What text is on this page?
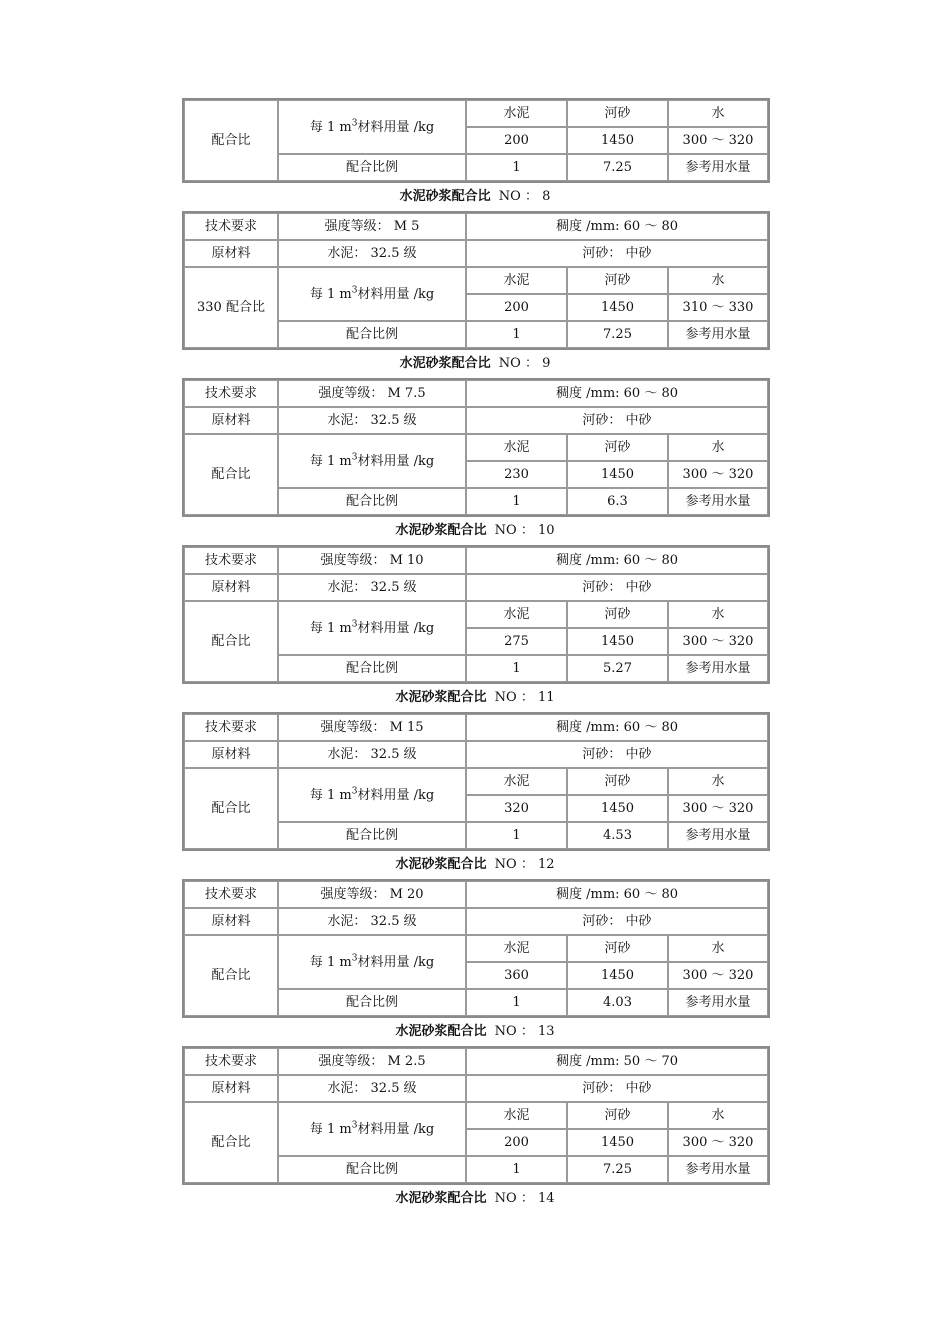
配合比	每 1 $m^3$材料用量 /kg	水泥	河砂	水
		200	1450	300 ～ 320
	配合比例	1	7.25	参考用水量
水泥砂浆配合比 NO ： 8
技术要求	强度等级： M 5	稠度 /mm: 60 ～ 80		
原材料	水泥： 32.5 级	河砂： 中砂		
330 配合比	每 1 $m^3$材料用量 /kg	水泥	河砂	水
		200	1450	310 ～ 330
	配合比例	1	7.25	参考用水量
水泥砂浆配合比 NO ： 9
技术要求	强度等级： M 7.5	稠度 /mm: 60 ～ 80		
原材料	水泥： 32.5 级	河砂： 中砂		
配合比	每 1 $m^3$材料用量 /kg	水泥	河砂	水
		230	1450	300 ～ 320
	配合比例	1	6.3	参考用水量
水泥砂浆配合比 NO ： 10
技术要求	强度等级： M 10	稠度 /mm: 60 ～ 80		
原材料	水泥： 32.5 级	河砂： 中砂		
配合比	每 1 $m^3$材料用量 /kg	水泥	河砂	水
		275	1450	300 ～ 320
	配合比例	1	5.27	参考用水量
水泥砂浆配合比 NO ： 11
技术要求	强度等级： M 15	稠度 /mm: 60 ～ 80		
原材料	水泥： 32.5 级	河砂： 中砂		
配合比	每 1 $m^3$材料用量 /kg	水泥	河砂	水
		320	1450	300 ～ 320
	配合比例	1	4.53	参考用水量
水泥砂浆配合比 NO ： 12
技术要求	强度等级： M 20	稠度 /mm: 60 ～ 80		
原材料	水泥： 32.5 级	河砂： 中砂		
配合比	每 1 $m^3$材料用量 /kg	水泥	河砂	水
		360	1450	300 ～ 320
	配合比例	1	4.03	参考用水量
水泥砂浆配合比 NO ： 13
技术要求	强度等级： M 2.5	稠度 /mm: 50 ～ 70		
原材料	水泥： 32.5 级	河砂： 中砂		
配合比	每 1 $m^3$材料用量 /kg	水泥	河砂	水
		200	1450	300 ～ 320
	配合比例	1	7.25	参考用水量
水泥砂浆配合比 NO ： 14
